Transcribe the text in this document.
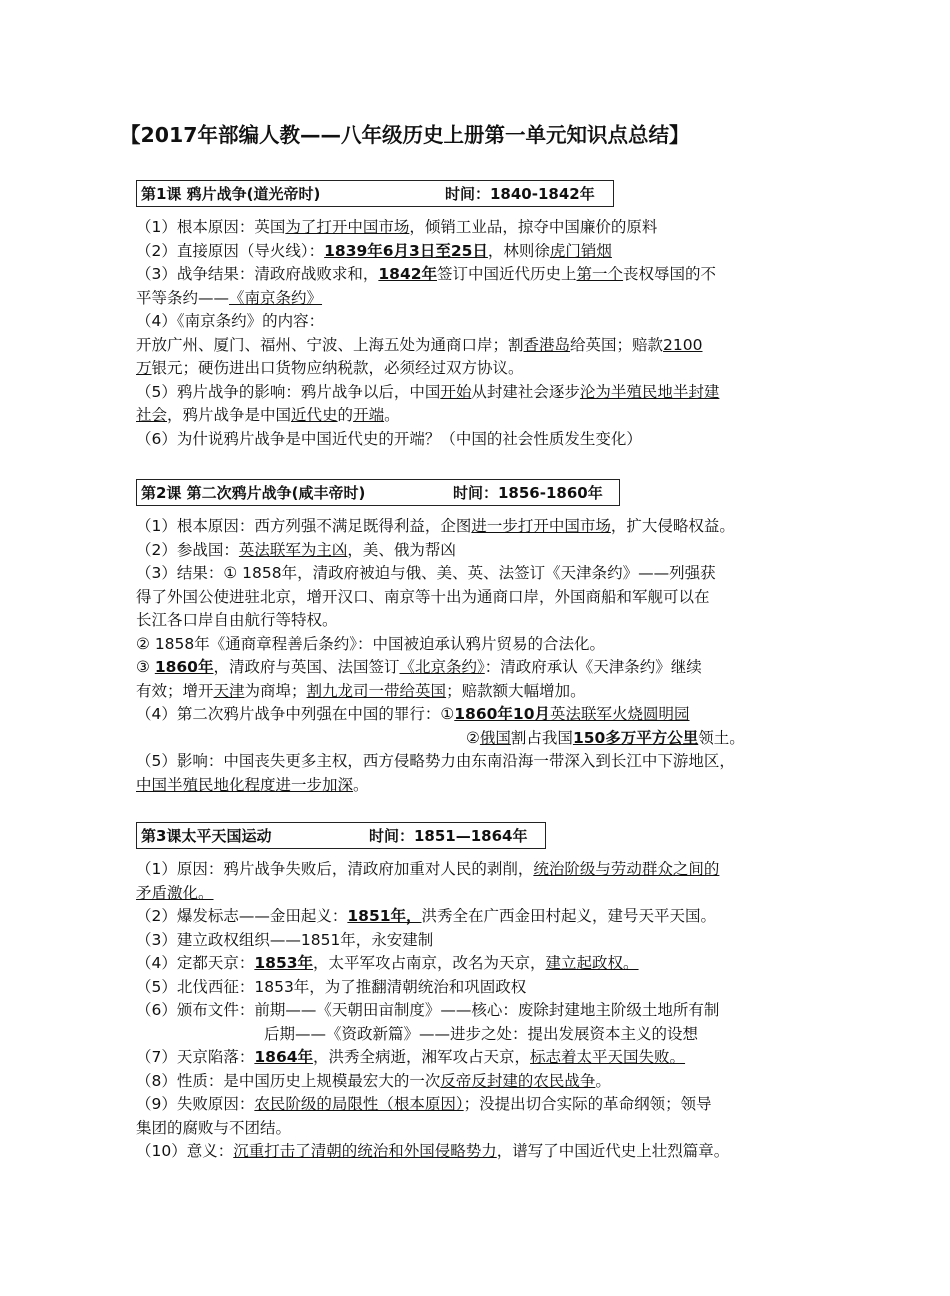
【2017年部编人教——八年级历史上册第一单元知识点总结】
第1课 鸦片战争(道光帝时)	时间：1840-1842年
（1）根本原因：英国为了打开中国市场，倾销工业品，掠夺中国廉价的原料
（2）直接原因（导火线）：1839年6月3日至25日，林则徐虎门销烟
（3）战争结果：清政府战败求和，1842年签订中国近代历史上第一个丧权辱国的不
平等条约——《南京条约》
（4）《南京条约》的内容：
开放广州、厦门、福州、宁波、上海五处为通商口岸；割香港岛给英国；赔款2100
万银元；硬伤进出口货物应纳税款，必须经过双方协议。
（5）鸦片战争的影响：鸦片战争以后，中国开始从封建社会逐步沦为半殖民地半封建
社会，鸦片战争是中国近代史的开端。
（6）为什说鸦片战争是中国近代史的开端？（中国的社会性质发生变化）
第2课 第二次鸦片战争(咸丰帝时)	时间：1856-1860年
（1）根本原因：西方列强不满足既得利益，企图进一步打开中国市场，扩大侵略权益。
（2）参战国：英法联军为主凶，美、俄为帮凶
（3）结果：① 1858年，清政府被迫与俄、美、英、法签订《天津条约》——列强获
得了外国公使进驻北京，增开汉口、南京等十出为通商口岸，外国商船和军舰可以在
长江各口岸自由航行等特权。
② 1858年《通商章程善后条约》：中国被迫承认鸦片贸易的合法化。
③ 1860年，清政府与英国、法国签订《北京条约》：清政府承认《天津条约》继续
有效；增开天津为商埠；割九龙司一带给英国；赔款额大幅增加。
（4）第二次鸦片战争中列强在中国的罪行：①1860年10月英法联军火烧圆明园
②俄国割占我国150多万平方公里领土。
（5）影响：中国丧失更多主权，西方侵略势力由东南沿海一带深入到长江中下游地区，
中国半殖民地化程度进一步加深。
第3课太平天国运动	时间：1851—1864年
（1）原因：鸦片战争失败后，清政府加重对人民的剥削，统治阶级与劳动群众之间的
矛盾激化。
（2）爆发标志——金田起义：1851年，洪秀全在广西金田村起义，建号天平天国。
（3）建立政权组织——1851年，永安建制
（4）定都天京：1853年，太平军攻占南京，改名为天京，建立起政权。
（5）北伐西征：1853年，为了推翻清朝统治和巩固政权
（6）颁布文件：前期——《天朝田亩制度》——核心：废除封建地主阶级土地所有制
后期——《资政新篇》——进步之处：提出发展资本主义的设想
（7）天京陷落：1864年，洪秀全病逝，湘军攻占天京，标志着太平天国失败。
（8）性质：是中国历史上规模最宏大的一次反帝反封建的农民战争。
（9）失败原因：农民阶级的局限性（根本原因）；没提出切合实际的革命纲领；领导
集团的腐败与不团结。
（10）意义：沉重打击了清朝的统治和外国侵略势力，谱写了中国近代史上壮烈篇章。
